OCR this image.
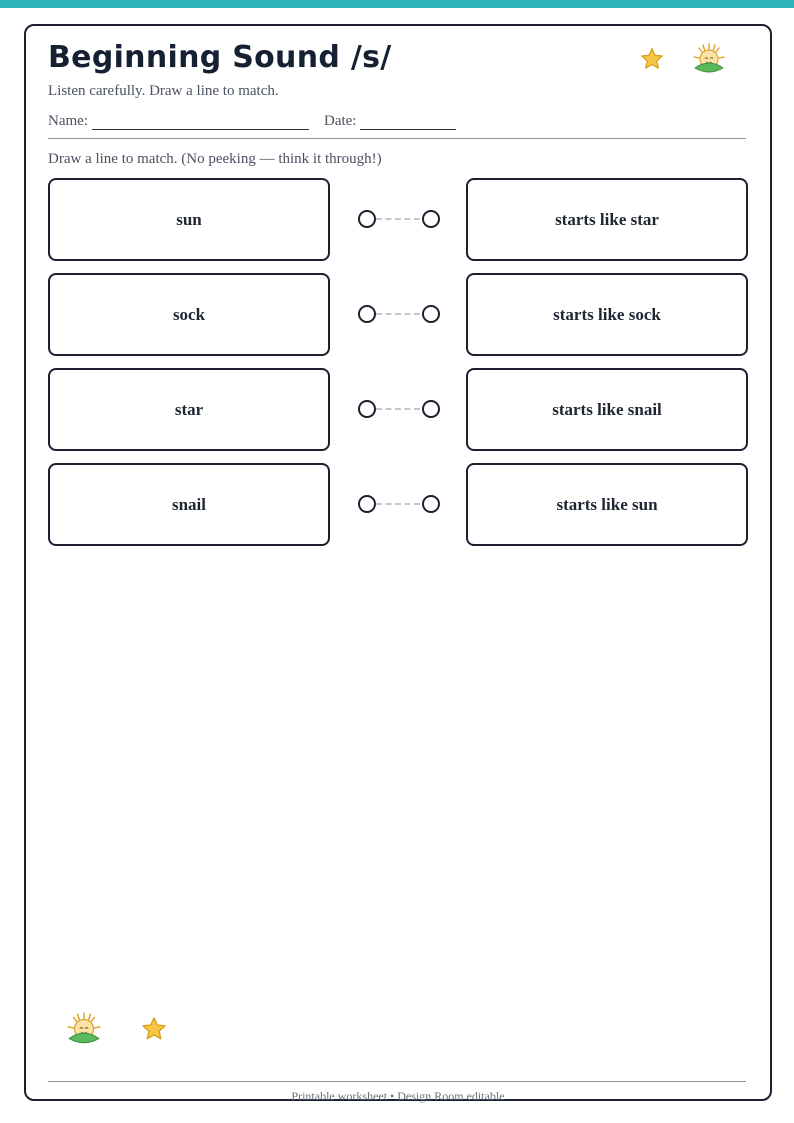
Beginning Sound /s/
Listen carefully. Draw a line to match.
Name:	Date:
Draw a line to match. (No peeking — think it through!)
sun	starts like star
sock	starts like sock
star	starts like snail
snail	starts like sun
Printable worksheet • Design Room editable
